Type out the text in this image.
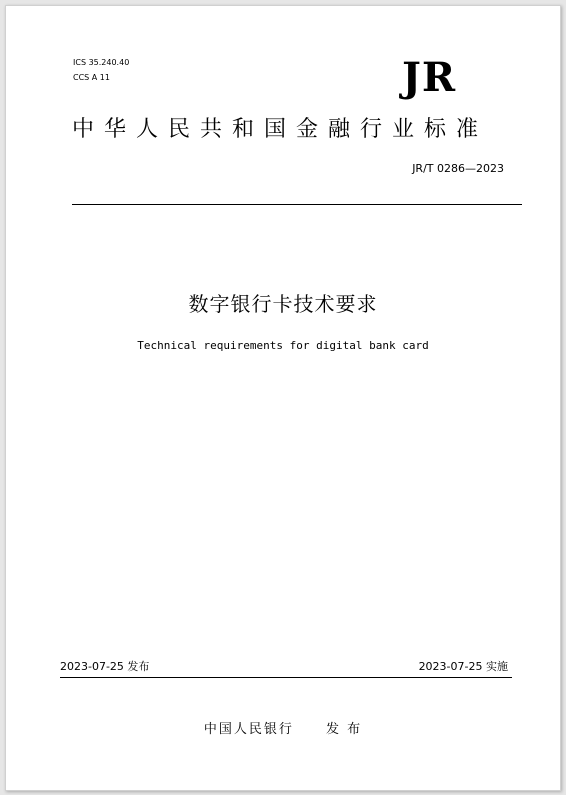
ICS 35.240.40
CCS A 11	JR
中华人民共和国金融行业标准
JR/T 0286—2023
数字银行卡技术要求
Technical requirements for digital bank card
2023-07-25 发布	2023-07-25 实施
中国人民银行 发 布
